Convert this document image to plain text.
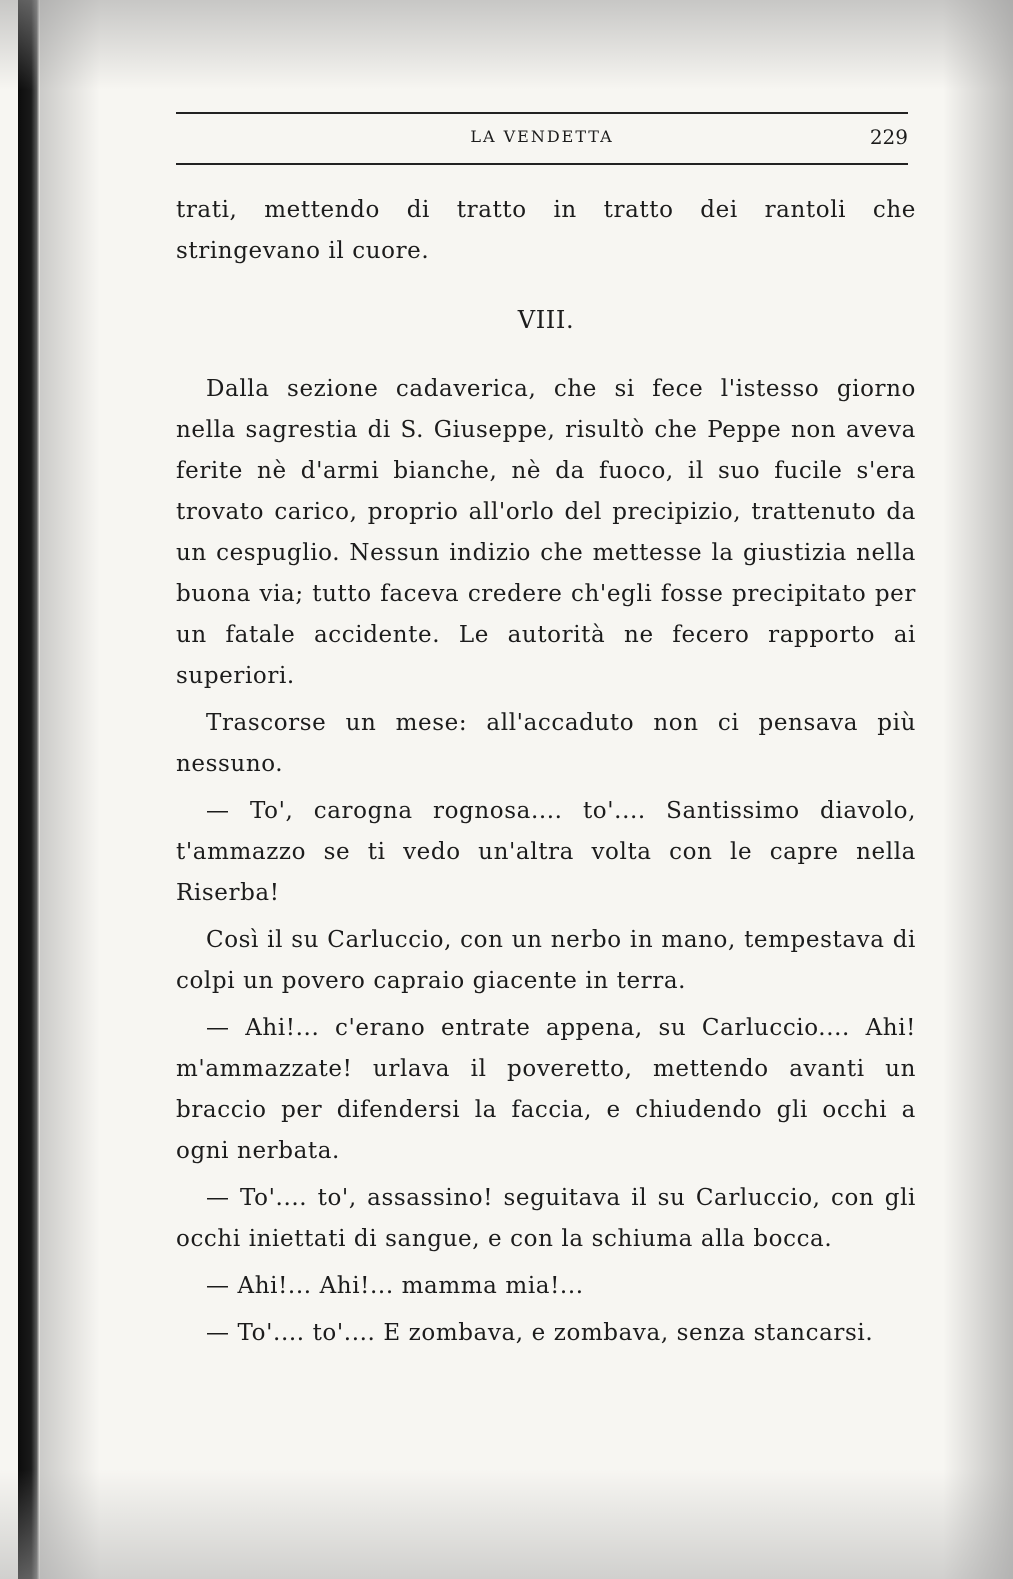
LA VENDETTA	229

trati, mettendo di tratto in tratto dei rantoli che stringevano il cuore.

VIII.

Dalla sezione cadaverica, che si fece l'istesso giorno nella sagrestia di S. Giuseppe, risultò che Peppe non aveva ferite nè d'armi bianche, nè da fuoco, il suo fucile s'era trovato carico, proprio all'orlo del precipizio, trattenuto da un cespuglio. Nessun indizio che mettesse la giustizia nella buona via; tutto faceva credere ch'egli fosse precipitato per un fatale accidente. Le autorità ne fecero rapporto ai superiori.

Trascorse un mese: all'accaduto non ci pensava più nessuno.

— To', carogna rognosa.... to'.... Santissimo diavolo, t'ammazzo se ti vedo un'altra volta con le capre nella Riserba!

Così il su Carluccio, con un nerbo in mano, tempestava di colpi un povero capraio giacente in terra.

— Ahi!... c'erano entrate appena, su Carluccio.... Ahi! m'ammazzate! urlava il poveretto, mettendo avanti un braccio per difendersi la faccia, e chiudendo gli occhi a ogni nerbata.

— To'.... to', assassino! seguitava il su Carluccio, con gli occhi iniettati di sangue, e con la schiuma alla bocca.

— Ahi!... Ahi!... mamma mia!...

— To'.... to'.... E zombava, e zombava, senza stancarsi.
